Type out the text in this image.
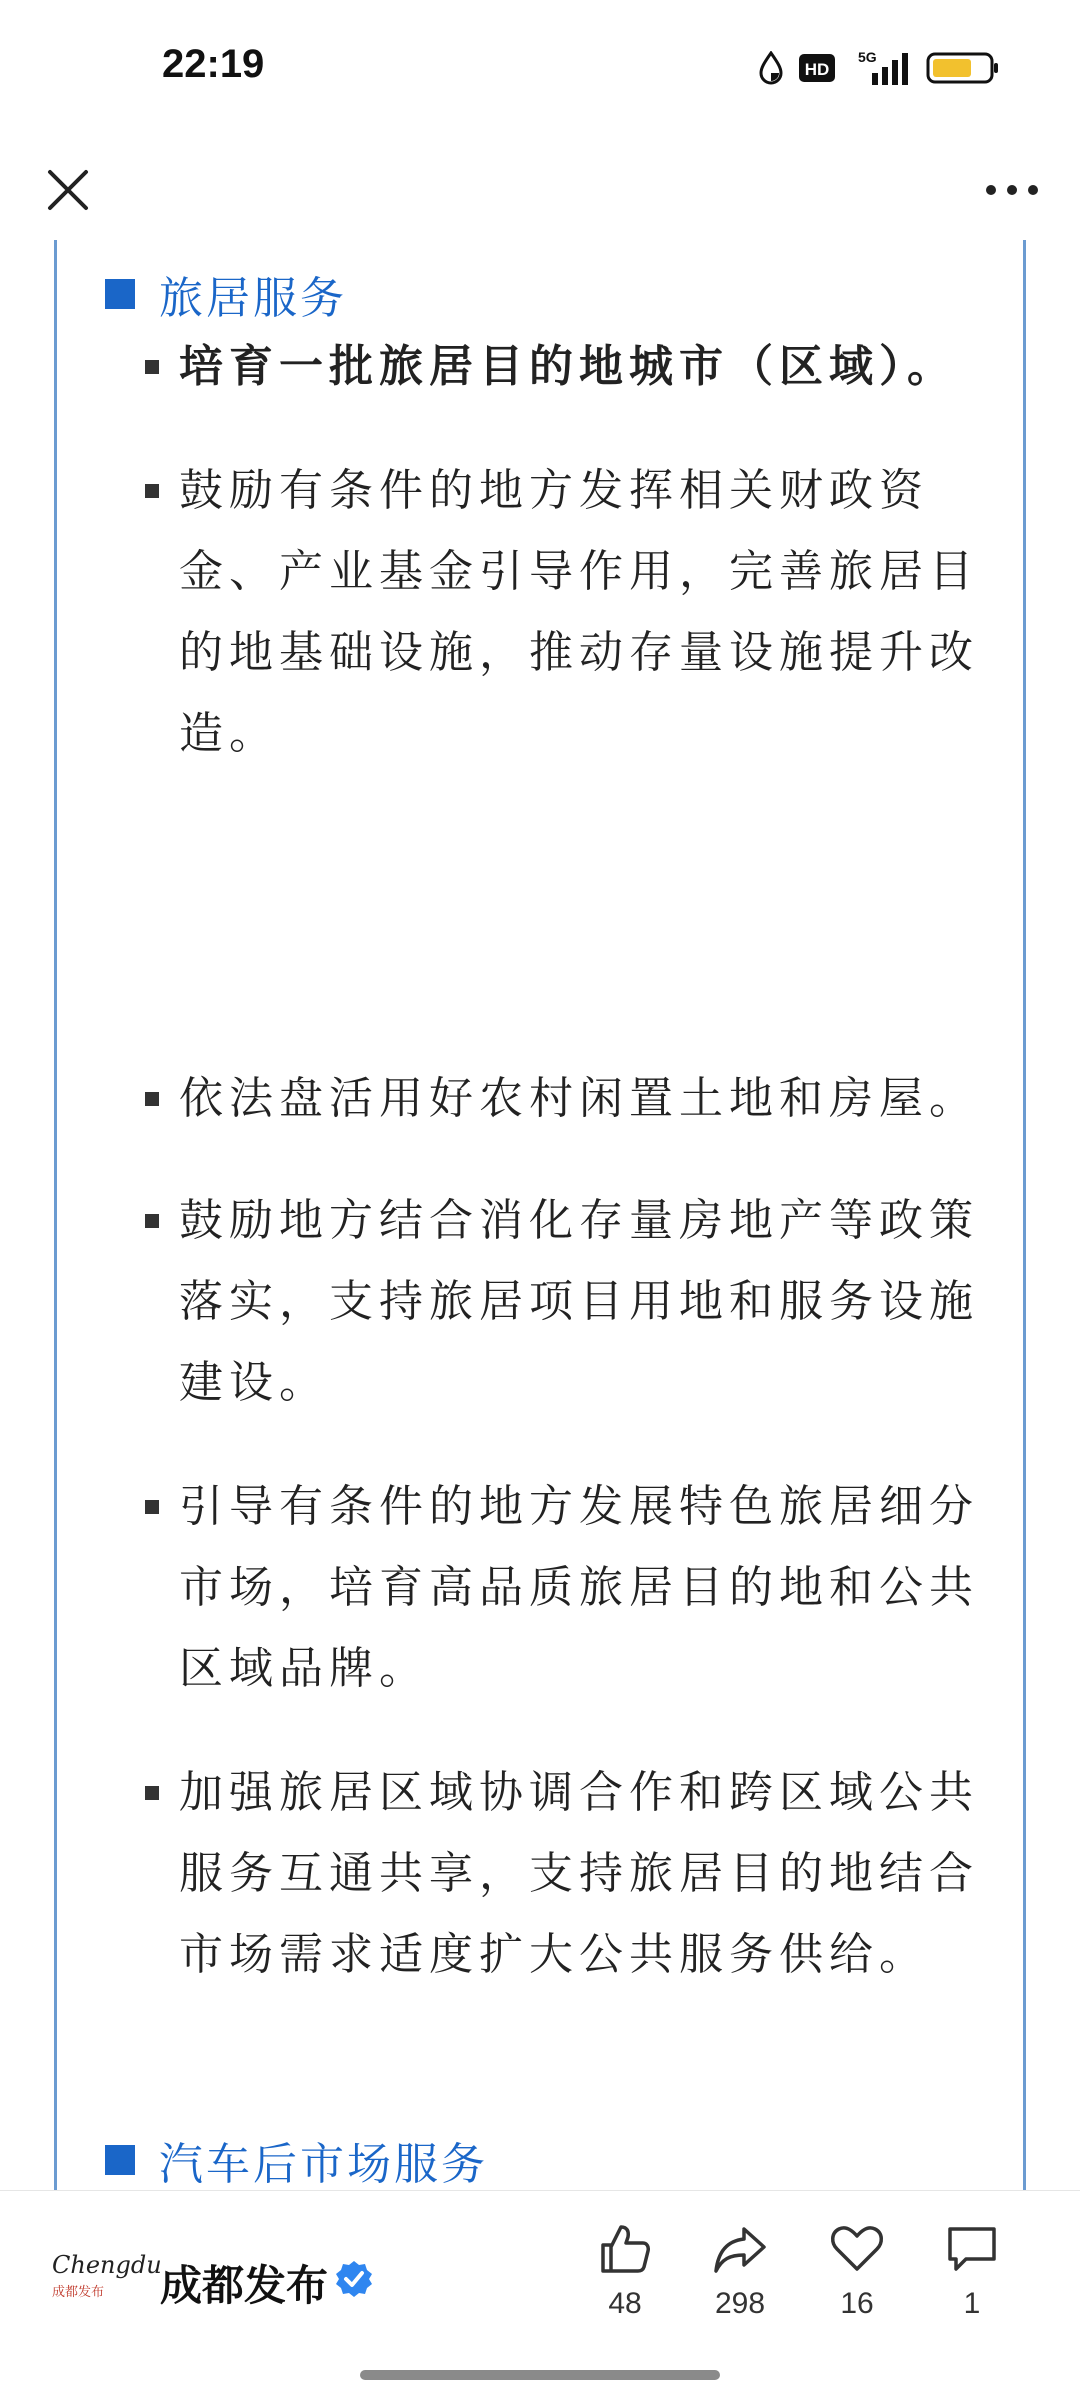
22:19	HD
5G
旅居服务
培育一批旅居目的地城市（区域）。
鼓励有条件的地方发挥相关财政资金、产业基金引导作用，完善旅居目的地基础设施，推动存量设施提升改造。
依法盘活用好农村闲置土地和房屋。
鼓励地方结合消化存量房地产等政策落实，支持旅居项目用地和服务设施建设。
引导有条件的地方发展特色旅居细分市场，培育高品质旅居目的地和公共区域品牌。
加强旅居区域协调合作和跨区域公共服务互通共享，支持旅居目的地结合市场需求适度扩大公共服务供给。
汽车后市场服务
Chengdu
成都发布	成都发布	48	298	16	1
